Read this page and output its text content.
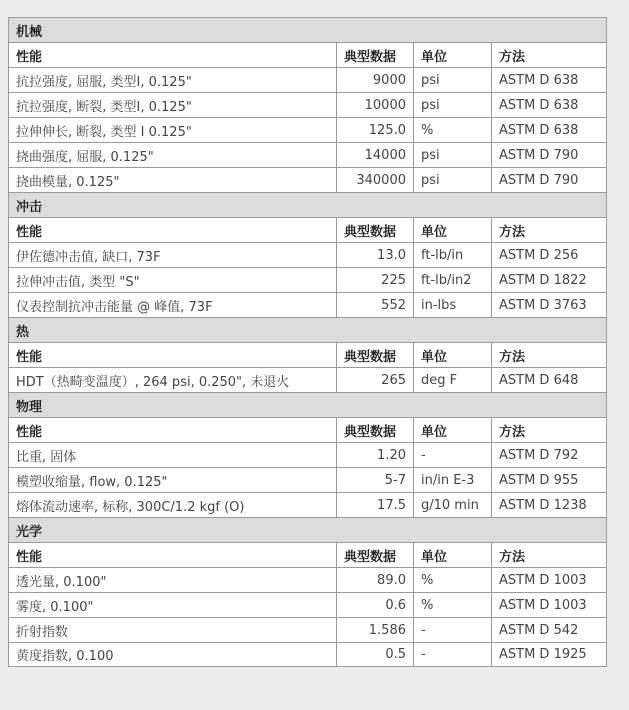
机械			
性能	典型数据	单位	方法
抗拉强度, 屈服, 类型I, 0.125"	9000	psi	ASTM D 638
抗拉强度, 断裂, 类型I, 0.125"	10000	psi	ASTM D 638
拉伸伸长, 断裂, 类型 I 0.125"	125.0	%	ASTM D 638
挠曲强度, 屈服, 0.125"	14000	psi	ASTM D 790
挠曲模量, 0.125"	340000	psi	ASTM D 790
冲击			
性能	典型数据	单位	方法
伊佐德冲击值, 缺口, 73F	13.0	ft-lb/in	ASTM D 256
拉伸冲击值, 类型 "S"	225	ft-lb/in2	ASTM D 1822
仪表控制抗冲击能量 @ 峰值, 73F	552	in-lbs	ASTM D 3763
热			
性能	典型数据	单位	方法
HDT（热畸变温度）, 264 psi, 0.250", 未退火	265	deg F	ASTM D 648
物理			
性能	典型数据	单位	方法
比重, 固体	1.20	-	ASTM D 792
模塑收缩量, flow, 0.125"	5-7	in/in E-3	ASTM D 955
熔体流动速率, 标称, 300C/1.2 kgf (O)	17.5	g/10 min	ASTM D 1238
光学			
性能	典型数据	单位	方法
透光量, 0.100"	89.0	%	ASTM D 1003
雾度, 0.100"	0.6	%	ASTM D 1003
折射指数	1.586	-	ASTM D 542
黄度指数, 0.100	0.5	-	ASTM D 1925
